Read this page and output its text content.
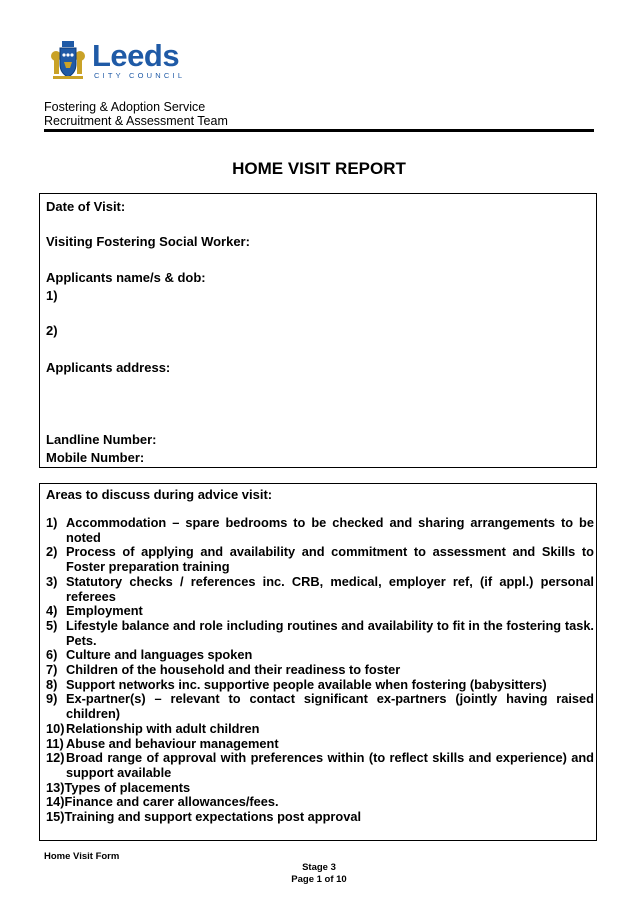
Leeds
CITY COUNCIL
Fostering & Adoption Service
Recruitment & Assessment Team
HOME VISIT REPORT
Date of Visit:
Visiting Fostering Social Worker:
Applicants name/s & dob:
1)
2)
Applicants address:
Landline Number:
Mobile Number:
Areas to discuss during advice visit:
1) Accommodation – spare bedrooms to be checked and sharing arrangements to be noted
2) Process of applying and availability and commitment to assessment and Skills to Foster preparation training
3) Statutory checks / references inc. CRB, medical, employer ref, (if appl.) personal referees
4) Employment
5) Lifestyle balance and role including routines and availability to fit in the fostering task. Pets.
6) Culture and languages spoken
7) Children of the household and their readiness to foster
8) Support networks inc. supportive people available when fostering (babysitters)
9) Ex-partner(s) – relevant to contact significant ex-partners (jointly having raised children)
10) Relationship with adult children
11) Abuse and behaviour management
12) Broad range of approval with preferences within (to reflect skills and experience) and support available
13)Types of placements
14)Finance and carer allowances/fees.
15)Training and support expectations post approval
Home Visit Form
Stage 3
Page 1 of 10
